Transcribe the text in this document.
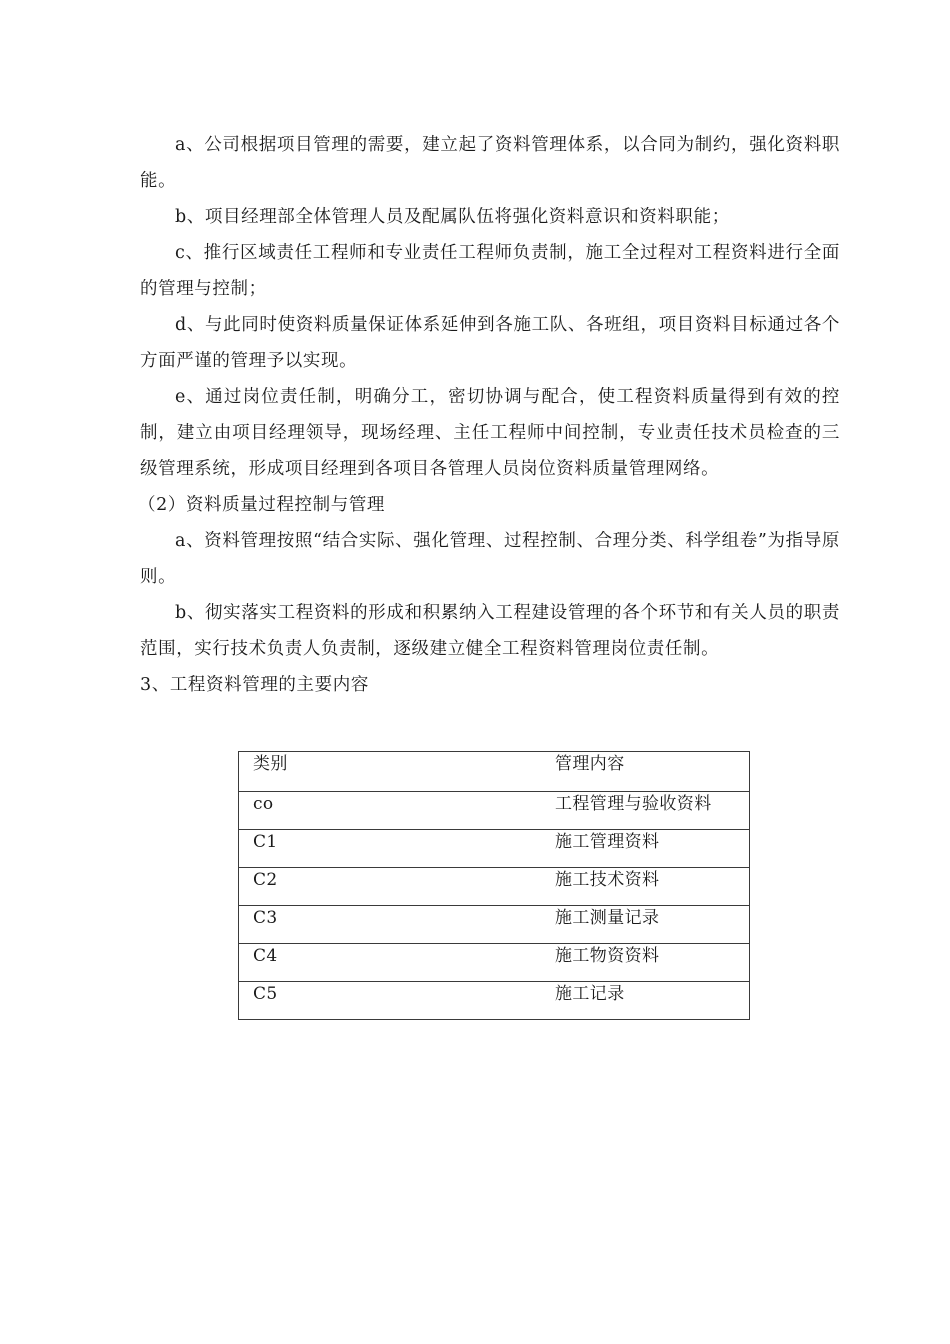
a、公司根据项目管理的需要，建立起了资料管理体系，以合同为制约，强化资料职能。

b、项目经理部全体管理人员及配属队伍将强化资料意识和资料职能；

c、推行区域责任工程师和专业责任工程师负责制，施工全过程对工程资料进行全面的管理与控制；

d、与此同时使资料质量保证体系延伸到各施工队、各班组，项目资料目标通过各个方面严谨的管理予以实现。

e、通过岗位责任制，明确分工，密切协调与配合，使工程资料质量得到有效的控制，建立由项目经理领导，现场经理、主任工程师中间控制，专业责任技术员检查的三级管理系统，形成项目经理到各项目各管理人员岗位资料质量管理网络。

（2）资料质量过程控制与管理

a、资料管理按照“结合实际、强化管理、过程控制、合理分类、科学组卷”为指导原则。

b、彻实落实工程资料的形成和积累纳入工程建设管理的各个环节和有关人员的职责范围，实行技术负责人负责制，逐级建立健全工程资料管理岗位责任制。

3、工程资料管理的主要内容

类别	管理内容
co	工程管理与验收资料
C1	施工管理资料
C2	施工技术资料
C3	施工测量记录
C4	施工物资资料
C5	施工记录
